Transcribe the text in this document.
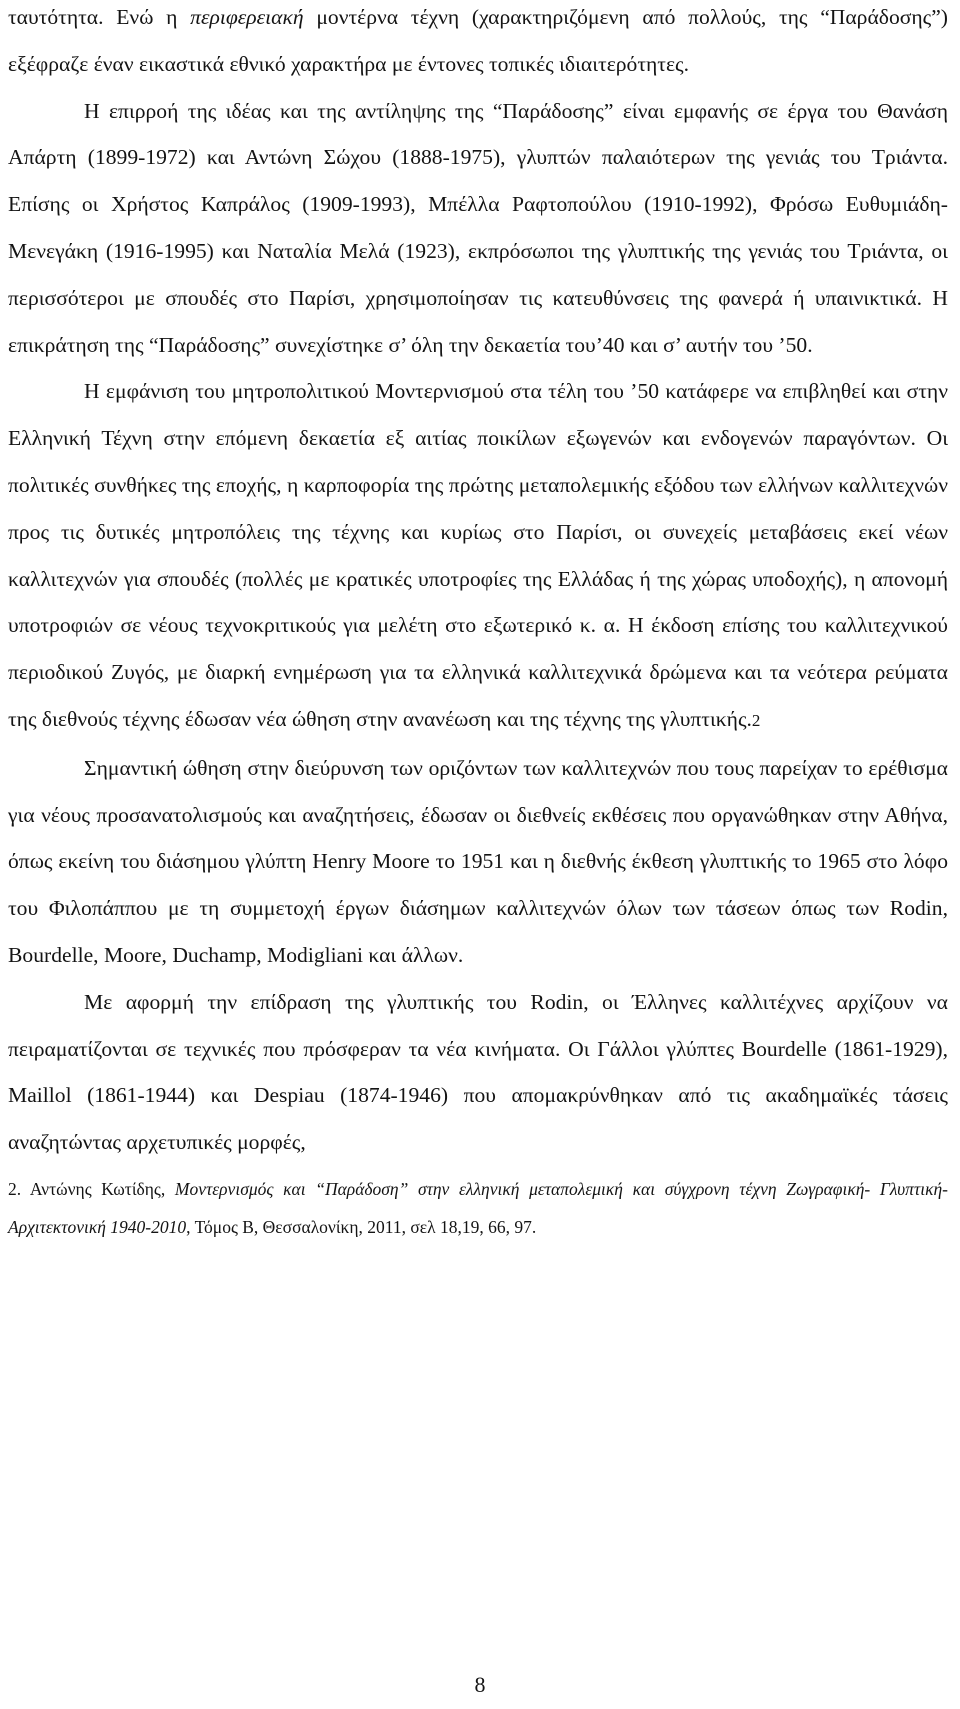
ταυτότητα. Ενώ η περιφερειακή μοντέρνα τέχνη (χαρακτηριζόμενη από πολλούς, της “Παράδοσης”) εξέφραζε έναν εικαστικά εθνικό χαρακτήρα με έντονες τοπικές ιδιαιτερότητες.

Η επιρροή της ιδέας και της αντίληψης της “Παράδοσης” είναι εμφανής σε έργα του Θανάση Απάρτη (1899-1972) και Αντώνη Σώχου (1888-1975), γλυπτών παλαιότερων της γενιάς του Τριάντα. Επίσης οι Χρήστος Καπράλος (1909-1993), Μπέλλα Ραφτοπούλου (1910-1992), Φρόσω Ευθυμιάδη- Μενεγάκη (1916-1995) και Ναταλία Μελά (1923), εκπρόσωποι της γλυπτικής της γενιάς του Τριάντα, οι περισσότεροι με σπουδές στο Παρίσι, χρησιμοποίησαν τις κατευθύνσεις της φανερά ή υπαινικτικά. Η επικράτηση της “Παράδοσης” συνεχίστηκε σ’ όλη την δεκαετία του’40 και σ’ αυτήν του ’50.

Η εμφάνιση του μητροπολιτικού Μοντερνισμού στα τέλη του ’50 κατάφερε να επιβληθεί και στην Ελληνική Τέχνη στην επόμενη δεκαετία εξ αιτίας ποικίλων εξωγενών και ενδογενών παραγόντων. Οι πολιτικές συνθήκες της εποχής, η καρποφορία της πρώτης μεταπολεμικής εξόδου των ελλήνων καλλιτεχνών προς τις δυτικές μητροπόλεις της τέχνης και κυρίως στο Παρίσι, οι συνεχείς μεταβάσεις εκεί νέων καλλιτεχνών για σπουδές (πολλές με κρατικές υποτροφίες της Ελλάδας ή της χώρας υποδοχής), η απονομή υποτροφιών σε νέους τεχνοκριτικούς για μελέτη στο εξωτερικό κ. α. Η έκδοση επίσης του καλλιτεχνικού περιοδικού Ζυγός, με διαρκή ενημέρωση για τα ελληνικά καλλιτεχνικά δρώμενα και τα νεότερα ρεύματα της διεθνούς τέχνης έδωσαν νέα ώθηση στην ανανέωση και της τέχνης της γλυπτικής.2

Σημαντική ώθηση στην διεύρυνση των οριζόντων των καλλιτεχνών που τους παρείχαν το ερέθισμα για νέους προσανατολισμούς και αναζητήσεις, έδωσαν οι διεθνείς εκθέσεις που οργανώθηκαν στην Αθήνα, όπως εκείνη του διάσημου γλύπτη Henry Moore το 1951 και η διεθνής έκθεση γλυπτικής το 1965 στο λόφο του Φιλοπάππου με τη συμμετοχή έργων διάσημων καλλιτεχνών όλων των τάσεων όπως των Rodin, Bourdelle, Moore, Duchamp, Modigliani και άλλων.

Με αφορμή την επίδραση της γλυπτικής του Rodin, οι Έλληνες καλλιτέχνες αρχίζουν να πειραματίζονται σε τεχνικές που πρόσφεραν τα νέα κινήματα. Οι Γάλλοι γλύπτες Bourdelle (1861-1929), Maillol (1861-1944) και Despiau (1874-1946) που απομακρύνθηκαν από τις ακαδημαϊκές τάσεις αναζητώντας αρχετυπικές μορφές,

2. Αντώνης Κωτίδης, Μοντερνισμός και “Παράδοση” στην ελληνική μεταπολεμική και σύγχρονη τέχνη Ζωγραφική- Γλυπτική- Αρχιτεκτονική 1940-2010, Τόμος Β, Θεσσαλονίκη, 2011, σελ 18,19, 66, 97.

8
